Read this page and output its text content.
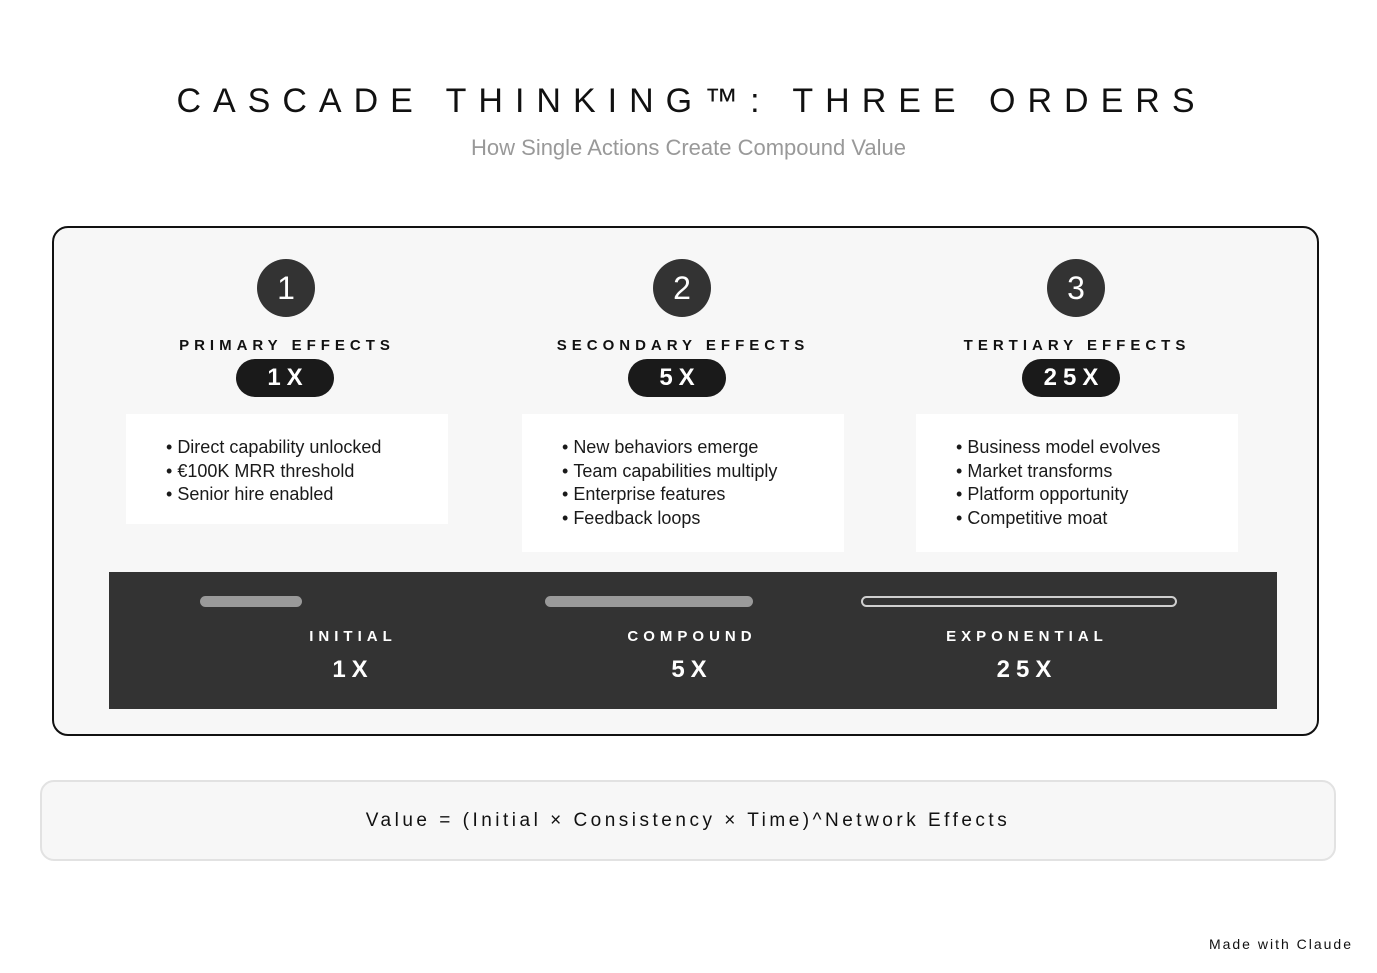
CASCADE THINKING™: THREE ORDERS
How Single Actions Create Compound Value
1
PRIMARY EFFECTS
1X
• Direct capability unlocked
• €100K MRR threshold
• Senior hire enabled
2
SECONDARY EFFECTS
5X
• New behaviors emerge
• Team capabilities multiply
• Enterprise features
• Feedback loops
3
TERTIARY EFFECTS
25X
• Business model evolves
• Market transforms
• Platform opportunity
• Competitive moat
INITIAL
1X
COMPOUND
5X
EXPONENTIAL
25X
Value = (Initial × Consistency × Time)^Network Effects
Made with Claude
